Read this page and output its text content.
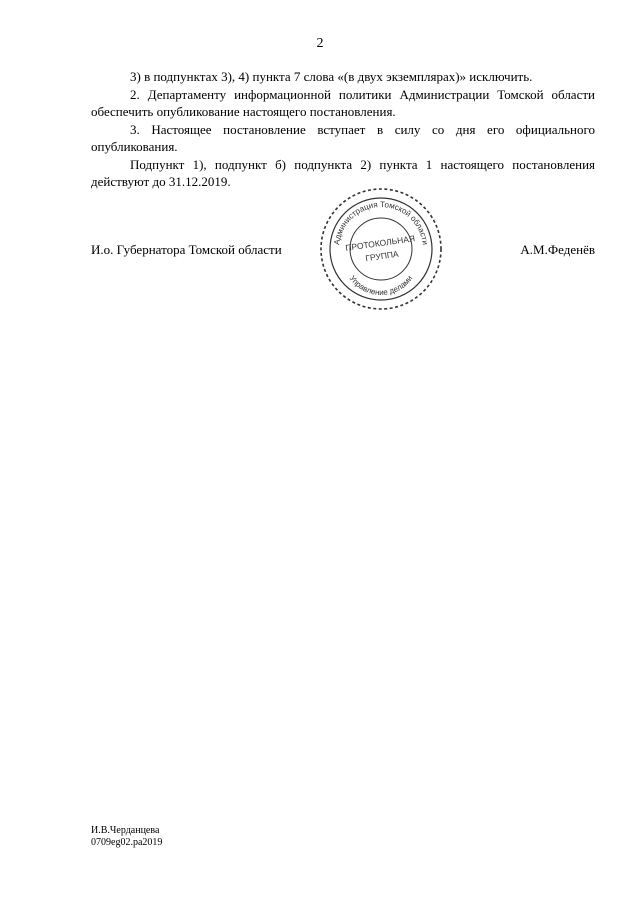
2

3) в подпунктах 3), 4) пункта 7 слова «(в двух экземплярах)» исключить.

2. Департаменту информационной политики Администрации Томской области обеспечить опубликование настоящего постановления.

3. Настоящее постановление вступает в силу со дня его официального опубликования.

Подпункт 1), подпункт б) подпункта 2) пункта 1 настоящего постановления действуют до 31.12.2019.

И.о. Губернатора Томской области	А.М.Феденёв
Администрация Томской области
Управление делами
ПРОТОКОЛЬНАЯ
ГРУППА
И.В.Черданцева
0709eg02.pa2019
